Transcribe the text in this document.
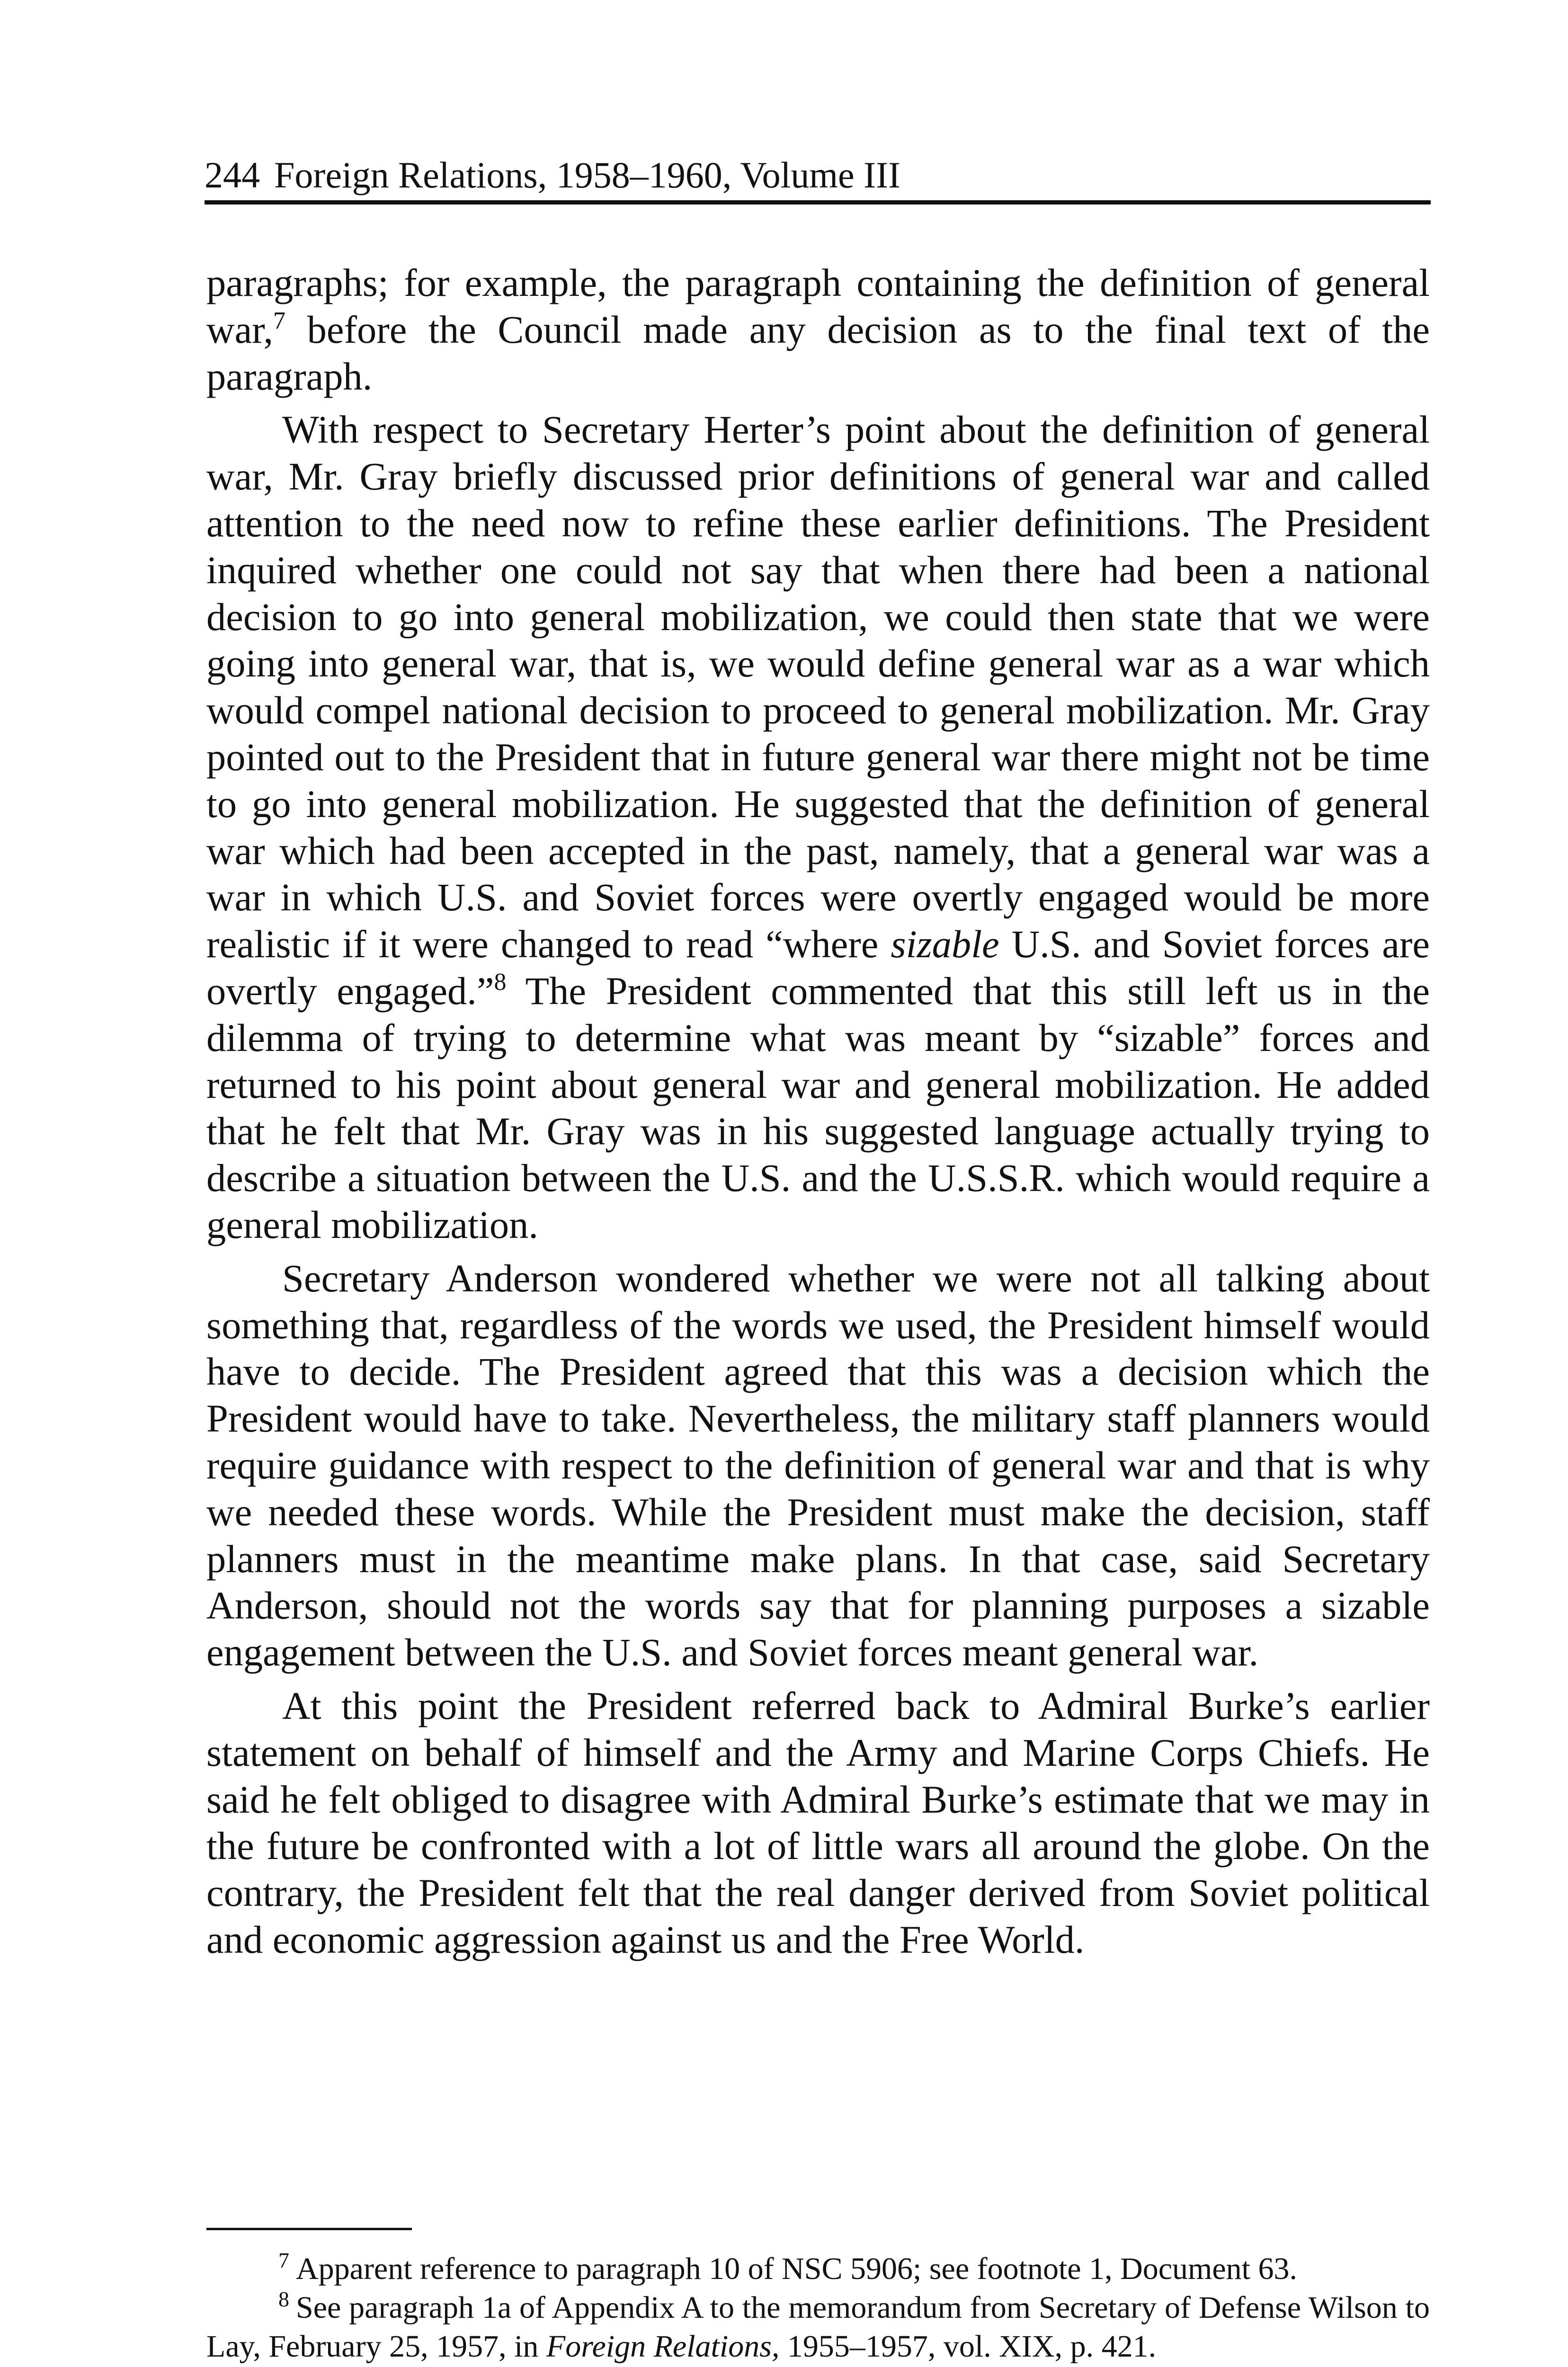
244 Foreign Relations, 1958–1960, Volume III

paragraphs; for example, the paragraph containing the definition of general war,$^7$ before the Council made any decision as to the final text of the paragraph.

With respect to Secretary Herter’s point about the definition of general war, Mr. Gray briefly discussed prior definitions of general war and called attention to the need now to refine these earlier definitions. The President inquired whether one could not say that when there had been a national decision to go into general mobilization, we could then state that we were going into general war, that is, we would define general war as a war which would compel national decision to proceed to general mobilization. Mr. Gray pointed out to the President that in future general war there might not be time to go into general mobilization. He suggested that the definition of general war which had been accepted in the past, namely, that a general war was a war in which U.S. and Soviet forces were overtly engaged would be more realistic if it were changed to read “where sizable U.S. and Soviet forces are overtly engaged.”$^8$ The President commented that this still left us in the dilemma of trying to determine what was meant by “sizable” forces and returned to his point about general war and general mobilization. He added that he felt that Mr. Gray was in his suggested language actually trying to describe a situation between the U.S. and the U.S.S.R. which would require a general mobilization.

Secretary Anderson wondered whether we were not all talking about something that, regardless of the words we used, the President himself would have to decide. The President agreed that this was a decision which the President would have to take. Nevertheless, the military staff planners would require guidance with respect to the definition of general war and that is why we needed these words. While the President must make the decision, staff planners must in the meantime make plans. In that case, said Secretary Anderson, should not the words say that for planning purposes a sizable engagement between the U.S. and Soviet forces meant general war.

At this point the President referred back to Admiral Burke’s earlier statement on behalf of himself and the Army and Marine Corps Chiefs. He said he felt obliged to disagree with Admiral Burke’s estimate that we may in the future be confronted with a lot of little wars all around the globe. On the contrary, the President felt that the real danger derived from Soviet political and economic aggression against us and the Free World.

$^7$ Apparent reference to paragraph 10 of NSC 5906; see footnote 1, Document 63.

$^8$ See paragraph 1a of Appendix A to the memorandum from Secretary of Defense Wilson to Lay, February 25, 1957, in Foreign Relations, 1955–1957, vol. XIX, p. 421.
